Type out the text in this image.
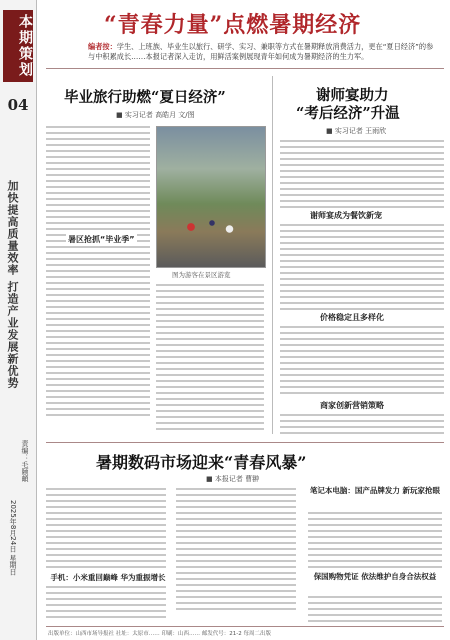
本期策划
04
加快提高质量效率 打造产业发展新优势
2025年8月24日 星期日
责编：毛颐頔
“青春力量”点燃暑期经济
编者按：学生、上班族、毕业生以旅行、研学、实习、兼职等方式在暑期释放消费活力，更在“夏日经济”的参与中积累成长……本报记者深入走访，用鲜活案例展现青年如何成为暑期经济的生力军。
毕业旅行助燃“夏日经济”
■ 实习记者 高皓月 文/图
暑区抢抓“毕业季”
图为游客在景区游览
谢师宴助力
“考后经济”升温
■ 实习记者 王雨欣
谢师宴成为餐饮新宠
价格稳定且多样化
商家创新营销策略
暑期数码市场迎来“青春风暴”
■ 本报记者 曹翀
手机：小米重回巅峰 华为重振增长
笔记本电脑：国产品牌发力 新玩家抢眼
保国购物凭证 依法维护自身合法权益
出版单位：山西市场导报社 社址：太原市…… 印刷：山西…… 邮发代号：21-2 每周二出版
